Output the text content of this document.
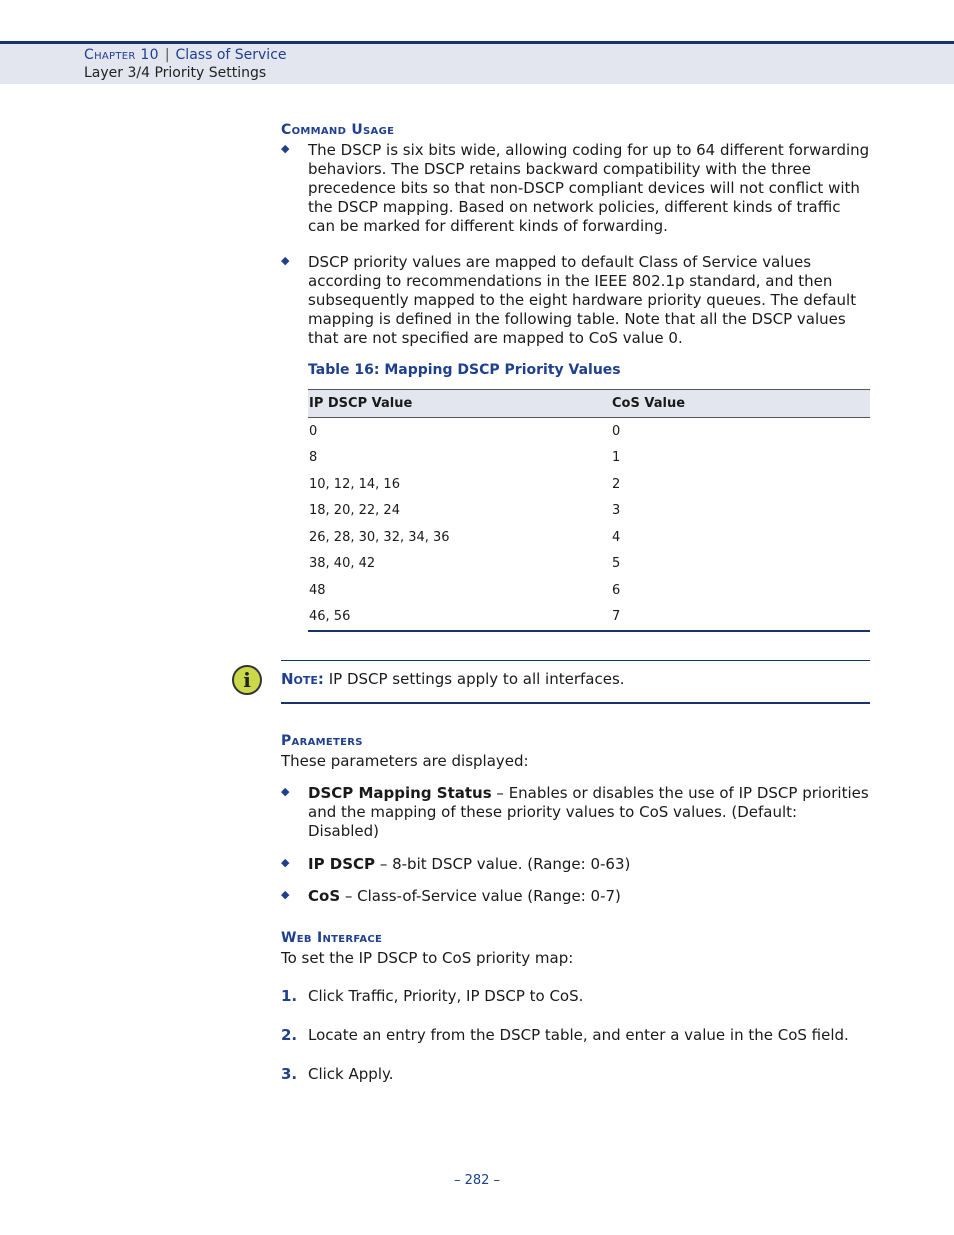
Chapter 10 | Class of Service
Layer 3/4 Priority Settings
Command Usage
◆ The DSCP is six bits wide, allowing coding for up to 64 different forwarding behaviors. The DSCP retains backward compatibility with the three precedence bits so that non-DSCP compliant devices will not conflict with the DSCP mapping. Based on network policies, different kinds of traffic can be marked for different kinds of forwarding.
◆ DSCP priority values are mapped to default Class of Service values according to recommendations in the IEEE 802.1p standard, and then subsequently mapped to the eight hardware priority queues. The default mapping is defined in the following table. Note that all the DSCP values that are not specified are mapped to CoS value 0.
Table 16: Mapping DSCP Priority Values
IP DSCP Value	CoS Value
0	0
8	1
10, 12, 14, 16	2
18, 20, 22, 24	3
26, 28, 30, 32, 34, 36	4
38, 40, 42	5
48	6
46, 56	7
i	Note: IP DSCP settings apply to all interfaces.
Parameters
These parameters are displayed:
◆ DSCP Mapping Status – Enables or disables the use of IP DSCP priorities and the mapping of these priority values to CoS values. (Default: Disabled)
◆ IP DSCP – 8-bit DSCP value. (Range: 0-63)
◆ CoS – Class-of-Service value (Range: 0-7)
Web Interface
To set the IP DSCP to CoS priority map:
1. Click Traffic, Priority, IP DSCP to CoS.
2. Locate an entry from the DSCP table, and enter a value in the CoS field.
3. Click Apply.
– 282 –
